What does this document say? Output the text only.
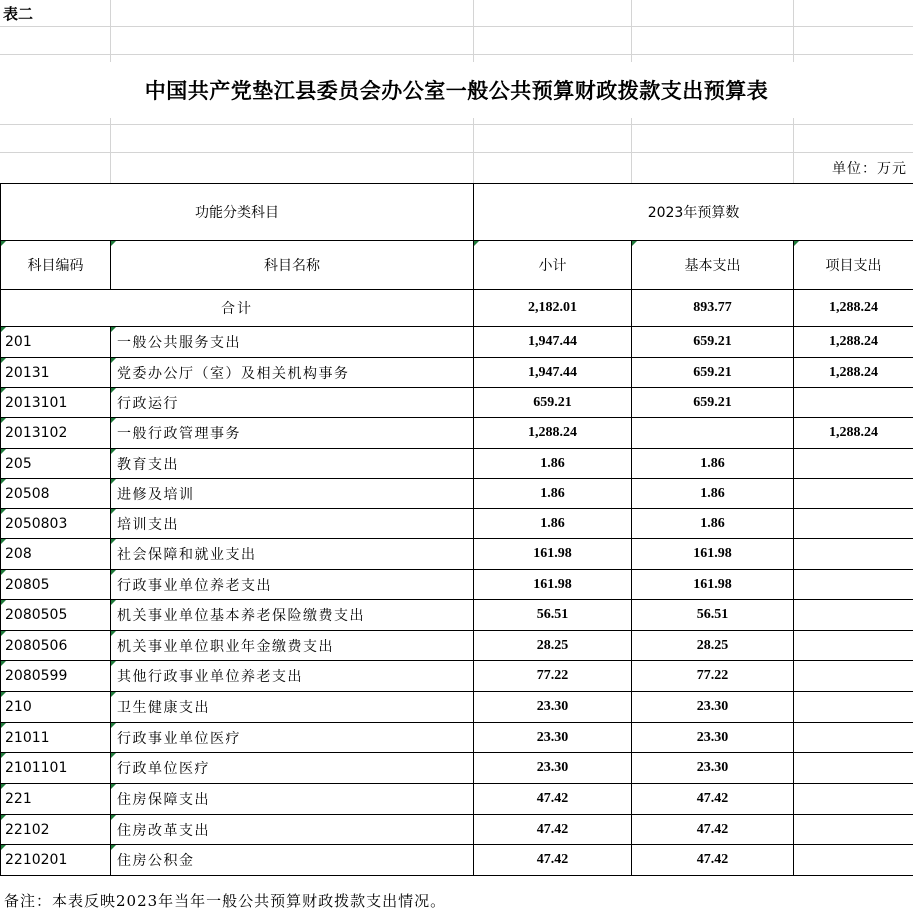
表二
中国共产党垫江县委员会办公室一般公共预算财政拨款支出预算表
单位：万元
功能分类科目		2023年预算数		
科目编码	科目名称	小计	基本支出	项目支出
合计		2,182.01	893.77	1,288.24
201	一般公共服务支出	1,947.44	659.21	1,288.24
20131	党委办公厅（室）及相关机构事务	1,947.44	659.21	1,288.24
2013101	行政运行	659.21	659.21	
2013102	一般行政管理事务	1,288.24		1,288.24
205	教育支出	1.86	1.86	
20508	进修及培训	1.86	1.86	
2050803	培训支出	1.86	1.86	
208	社会保障和就业支出	161.98	161.98	
20805	行政事业单位养老支出	161.98	161.98	
2080505	机关事业单位基本养老保险缴费支出	56.51	56.51	
2080506	机关事业单位职业年金缴费支出	28.25	28.25	
2080599	其他行政事业单位养老支出	77.22	77.22	
210	卫生健康支出	23.30	23.30	
21011	行政事业单位医疗	23.30	23.30	
2101101	行政单位医疗	23.30	23.30	
221	住房保障支出	47.42	47.42	
22102	住房改革支出	47.42	47.42	
2210201	住房公积金	47.42	47.42	
备注：本表反映2023年当年一般公共预算财政拨款支出情况。
